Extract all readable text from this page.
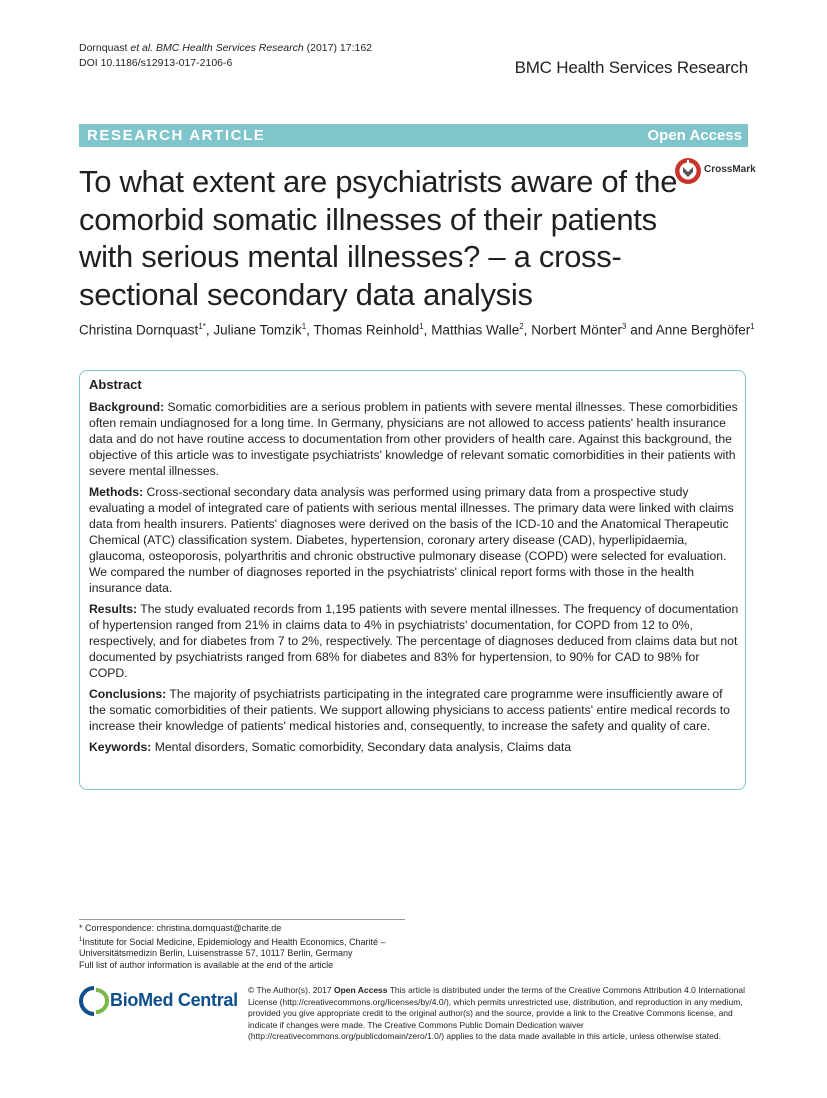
Dornquast et al. BMC Health Services Research (2017) 17:162
DOI 10.1186/s12913-017-2106-6	BMC Health Services Research
RESEARCH ARTICLE	Open Access
CrossMark
To what extent are psychiatrists aware of the comorbid somatic illnesses of their patients with serious mental illnesses? – a cross-sectional secondary data analysis
Christina Dornquast$^{1*}$, Juliane Tomzik$^1$, Thomas Reinhold$^1$, Matthias Walle$^2$, Norbert Mönter$^3$ and Anne Berghöfer$^1$
Abstract

Background: Somatic comorbidities are a serious problem in patients with severe mental illnesses. These comorbidities often remain undiagnosed for a long time. In Germany, physicians are not allowed to access patients' health insurance data and do not have routine access to documentation from other providers of health care. Against this background, the objective of this article was to investigate psychiatrists' knowledge of relevant somatic comorbidities in their patients with severe mental illnesses.

Methods: Cross-sectional secondary data analysis was performed using primary data from a prospective study evaluating a model of integrated care of patients with serious mental illnesses. The primary data were linked with claims data from health insurers. Patients' diagnoses were derived on the basis of the ICD-10 and the Anatomical Therapeutic Chemical (ATC) classification system. Diabetes, hypertension, coronary artery disease (CAD), hyperlipidaemia, glaucoma, osteoporosis, polyarthritis and chronic obstructive pulmonary disease (COPD) were selected for evaluation. We compared the number of diagnoses reported in the psychiatrists' clinical report forms with those in the health insurance data.

Results: The study evaluated records from 1,195 patients with severe mental illnesses. The frequency of documentation of hypertension ranged from 21% in claims data to 4% in psychiatrists' documentation, for COPD from 12 to 0%, respectively, and for diabetes from 7 to 2%, respectively. The percentage of diagnoses deduced from claims data but not documented by psychiatrists ranged from 68% for diabetes and 83% for hypertension, to 90% for CAD to 98% for COPD.

Conclusions: The majority of psychiatrists participating in the integrated care programme were insufficiently aware of the somatic comorbidities of their patients. We support allowing physicians to access patients' entire medical records to increase their knowledge of patients' medical histories and, consequently, to increase the safety and quality of care.

Keywords: Mental disorders, Somatic comorbidity, Secondary data analysis, Claims data

* Correspondence: christina.dornquast@charite.de
$^1$Institute for Social Medicine, Epidemiology and Health Economics, Charité –
Universitätsmedizin Berlin, Luisenstrasse 57, 10117 Berlin, Germany
Full list of author information is available at the end of the article
BioMed Central © The Author(s). 2017 Open Access This article is distributed under the terms of the Creative Commons Attribution 4.0 International License (http://creativecommons.org/licenses/by/4.0/), which permits unrestricted use, distribution, and reproduction in any medium, provided you give appropriate credit to the original author(s) and the source, provide a link to the Creative Commons license, and indicate if changes were made. The Creative Commons Public Domain Dedication waiver (http://creativecommons.org/publicdomain/zero/1.0/) applies to the data made available in this article, unless otherwise stated.
